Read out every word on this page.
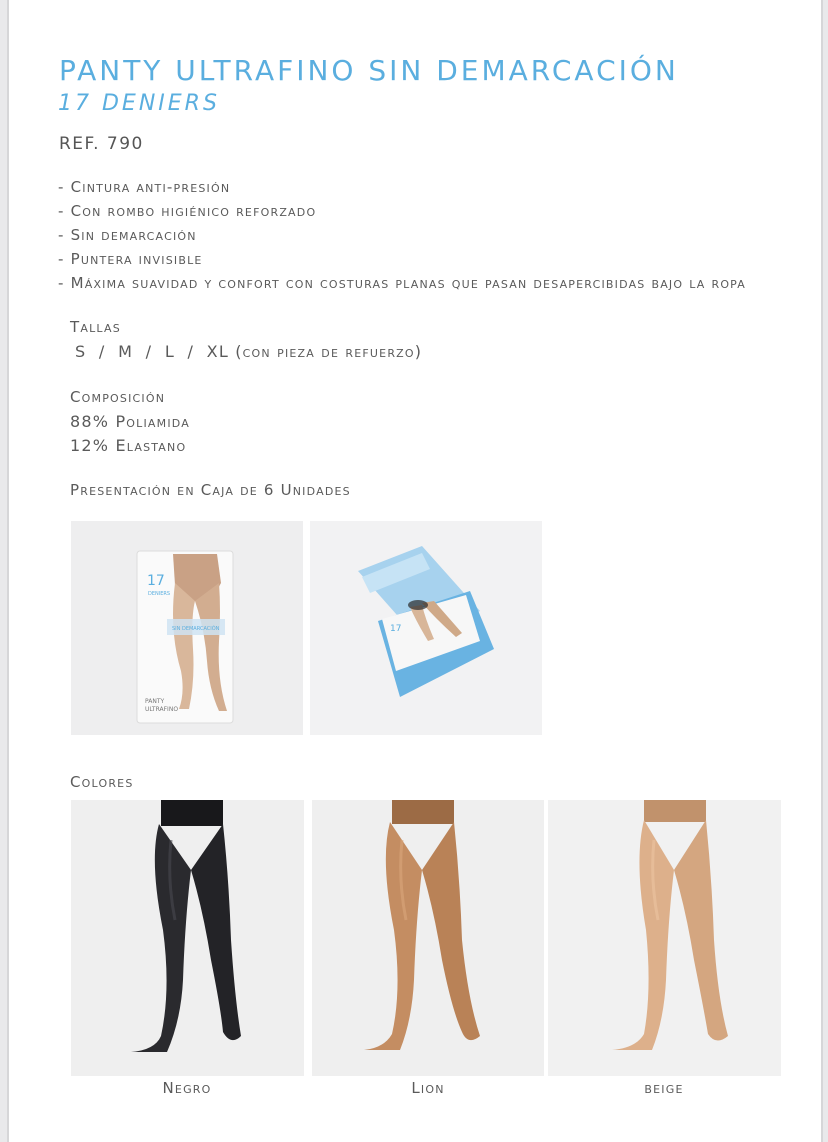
PANTY ULTRAFINO SIN DEMARCACIÓN
17 DENIERS
REF. 790
- Cintura anti-presión
- Con rombo higiénico reforzado
- Sin demarcación
- Puntera invisible
- Máxima suavidad y confort con costuras planas que pasan desapercibidas bajo la ropa
Tallas
S  /  M  /  L  /  XL (con pieza de refuerzo)
Composición
88% Poliamida
12% Elastano
Presentación en Caja de 6 Unidades
SIN DEMARCACIÓN
17
DENIERS
PANTY
ULTRAFINO
17
Colores
Negro	Lion	beige
